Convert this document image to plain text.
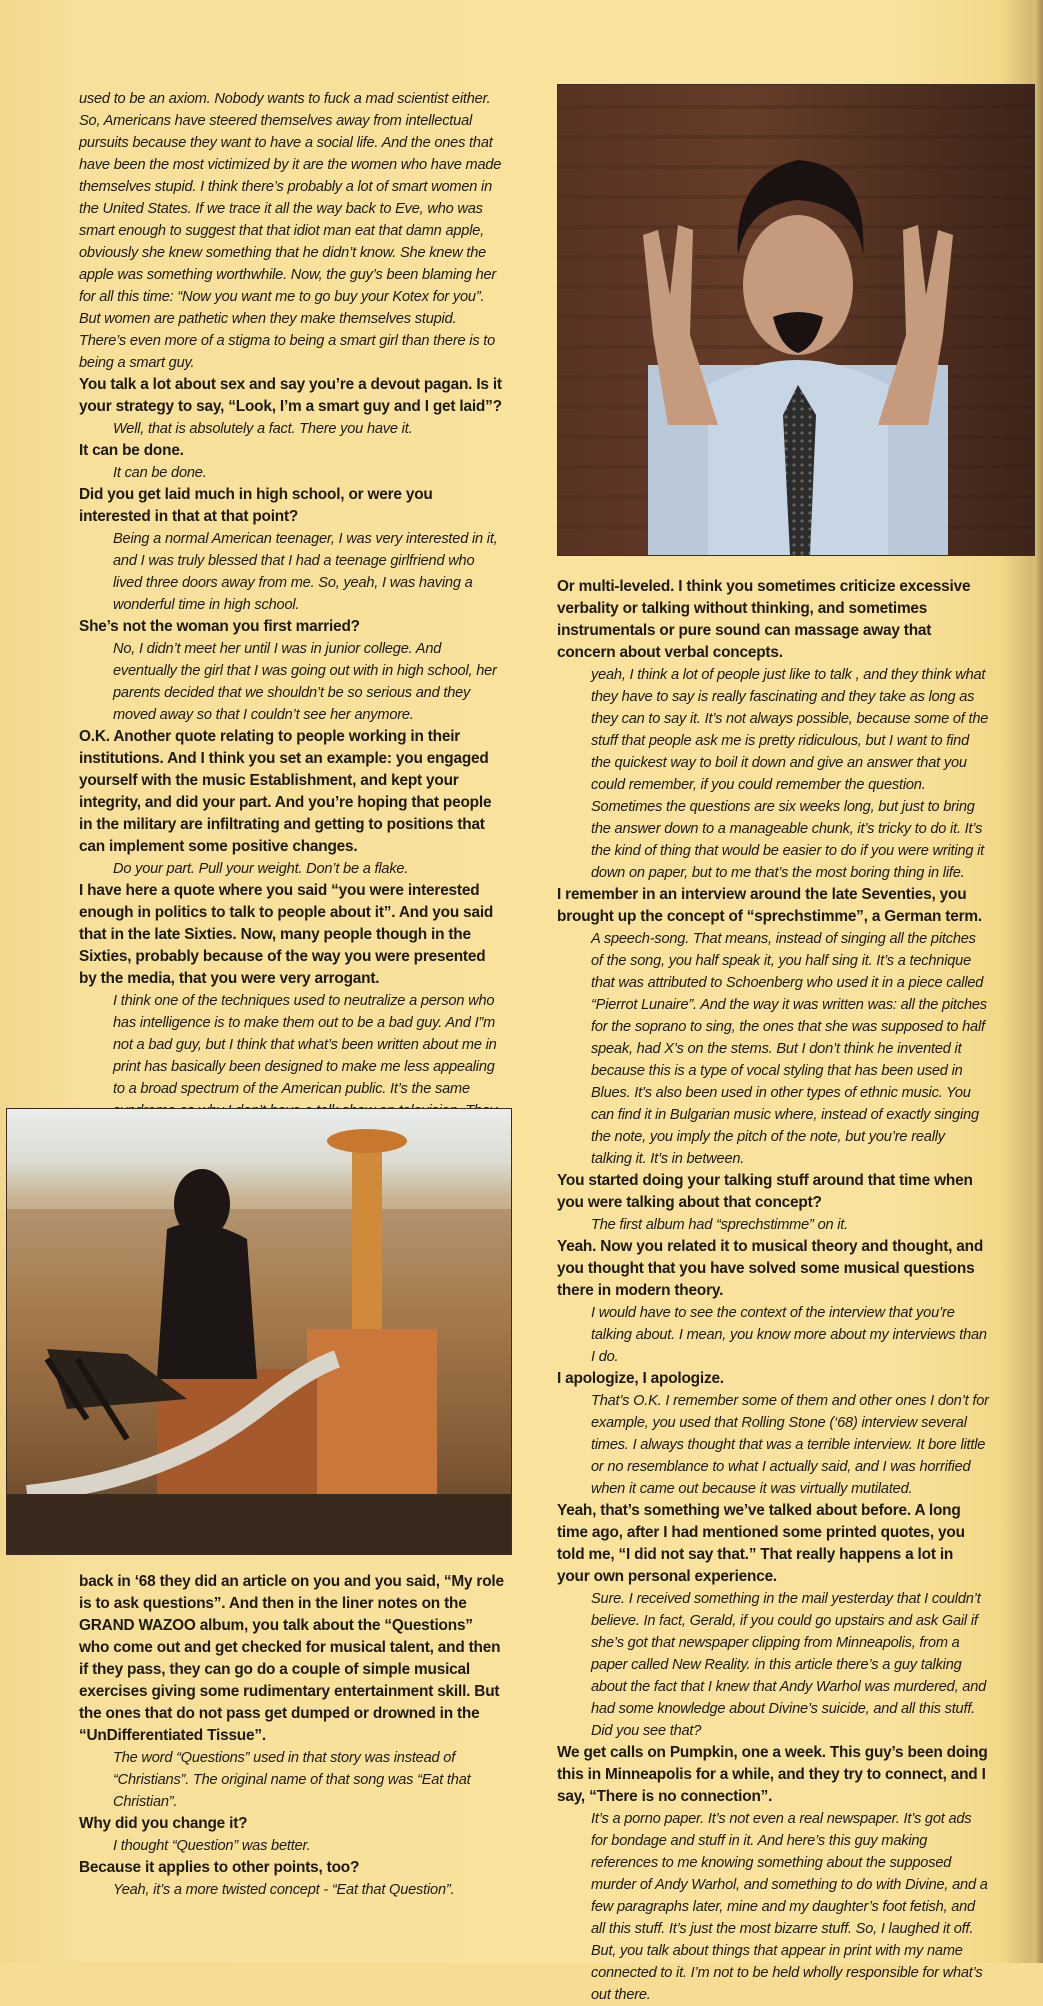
used to be an axiom. Nobody wants to fuck a mad scientist either. So, Americans have steered themselves away from intellectual pursuits because they want to have a social life. And the ones that have been the most victimized by it are the women who have made themselves stupid. I think there’s probably a lot of smart women in the United States. If we trace it all the way back to Eve, who was smart enough to suggest that that idiot man eat that damn apple, obviously she knew something that he didn’t know. She knew the apple was something worthwhile. Now, the guy’s been blaming her for all this time: “Now you want me to go buy your Kotex for you”. But women are pathetic when they make themselves stupid. There’s even more of a stigma to being a smart girl than there is to being a smart guy.

You talk a lot about sex and say you’re a devout pagan. Is it your strategy to say, “Look, I’m a smart guy and I get laid”?

Well, that is absolutely a fact. There you have it.

It can be done.

It can be done.

Did you get laid much in high school, or were you interested in that at that point?

Being a normal American teenager, I was very interested in it, and I was truly blessed that I had a teenage girlfriend who lived three doors away from me. So, yeah, I was having a wonderful time in high school.

She’s not the woman you first married?

No, I didn’t meet her until I was in junior college. And eventually the girl that I was going out with in high school, her parents decided that we shouldn’t be so serious and they moved away so that I couldn’t see her anymore.

O.K. Another quote relating to people working in their institutions. And I think you set an example: you engaged yourself with the music Establishment, and kept your integrity, and did your part. And you’re hoping that people in the military are infiltrating and getting to positions that can implement some positive changes.

Do your part. Pull your weight. Don’t be a flake.

I have here a quote where you said “you were interested enough in politics to talk to people about it”. And you said that in the late Sixties. Now, many people though in the Sixties, probably because of the way you were presented by the media, that you were very arrogant.

I think one of the techniques used to neutralize a person who has intelligence is to make them out to be a bad guy. And I”m not a bad guy, but I think that what’s been written about me in print has basically been designed to make me less appealing to a broad spectrum of the American public. It’s the same

Or multi-leveled. I think you sometimes criticize excessive verbality or talking without thinking, and sometimes instrumentals or pure sound can massage away that concern about verbal concepts.

yeah, I think a lot of people just like to talk , and they think what they have to say is really fascinating and they take as long as they can to say it. It’s not always possible, because some of the stuff that people ask me is pretty ridiculous, but I want to find the quickest way to boil it down and give an answer that you could remember, if you could remember the question. Sometimes the questions are six weeks long, but just to bring the answer down to a manageable chunk, it’s tricky to do it. It’s the kind of thing that would be easier to do if you were writing it down on paper, but to me that’s the most boring thing in life.

I remember in an interview around the late Seventies, you brought up the concept of “sprechstimme”, a German term.

A speech-song. That means, instead of singing all the pitches of the song, you half speak it, you half sing it. It’s a technique that was attributed to Schoenberg who used it in a piece called “Pierrot Lunaire”. And the way it was written was: all the pitches for the soprano to sing, the ones that she was supposed to half speak, had X’s on the stems. But I don’t think he invented it because this is a type of vocal styling that has been used in Blues. It’s also been used in other types of ethnic music. You can find it in Bulgarian music where, instead of exactly singing the note, you imply the pitch of the note, but you’re really talking it. It’s in between.

You started doing your talking stuff around that time when you were talking about that concept?

The first album had “sprechstimme” on it.

Yeah. Now you related it to musical theory and thought, and you thought that you have solved some musical questions there in modern theory.

I would have to see the context of the interview that you’re talking about. I mean, you know more about my interviews than I do.

I apologize, I apologize.

That’s O.K. I remember some of them and other ones I don’t for example, you used that Rolling Stone (‘68) interview several times. I always thought that was a terrible interview. It bore little or no resemblance to what I actually said, and I was horrified when it came out because it was virtually mutilated.

Yeah, that’s something we’ve talked about before. A long time ago, after I had mentioned some printed quotes, you told me, “I did not say that.” That really happens a lot in your own personal experience.

Sure. I received something in the mail yesterday that I couldn’t believe. In fact, Gerald, if you could go upstairs and ask Gail if she’s got that newspaper clipping from Minneapolis, from a paper called New Reality. in this article there’s a guy talking about the fact that I knew that Andy Warhol was murdered, and had some knowledge about Divine’s suicide, and all this stuff. Did you see that?

We get calls on Pumpkin, one a week. This guy’s been doing this in Minneapolis for a while, and they try to connect, and I say, “There is no connection”.

It’s a porno paper. It’s not even a real newspaper. It’s got ads for bondage and stuff in it. And here’s this guy making references to me knowing something about the supposed murder of Andy Warhol, and something to do with Divine, and a few paragraphs later, mine and my daughter’s foot fetish, and all this stuff. It’s just the most bizarre stuff. So, I laughed it off. But, you talk about things that appear in print with my name connected to it. I’m not to be held wholly responsible for what’s out there.

back in ‘68 they did an article on you and you said, “My role is to ask questions”. And then in the liner notes on the GRAND WAZOO album, you talk about the “Questions” who come out and get checked for musical talent, and then if they pass, they can go do a couple of simple musical exercises giving some rudimentary entertainment skill. But the ones that do not pass get dumped or drowned in the “UnDifferentiated Tissue”.

The word “Questions” used in that story was instead of “Christians”. The original name of that song was “Eat that Christian”.

Why did you change it?

I thought “Question” was better.

Because it applies to other points, too?

Yeah, it’s a more twisted concept - “Eat that Question”.
